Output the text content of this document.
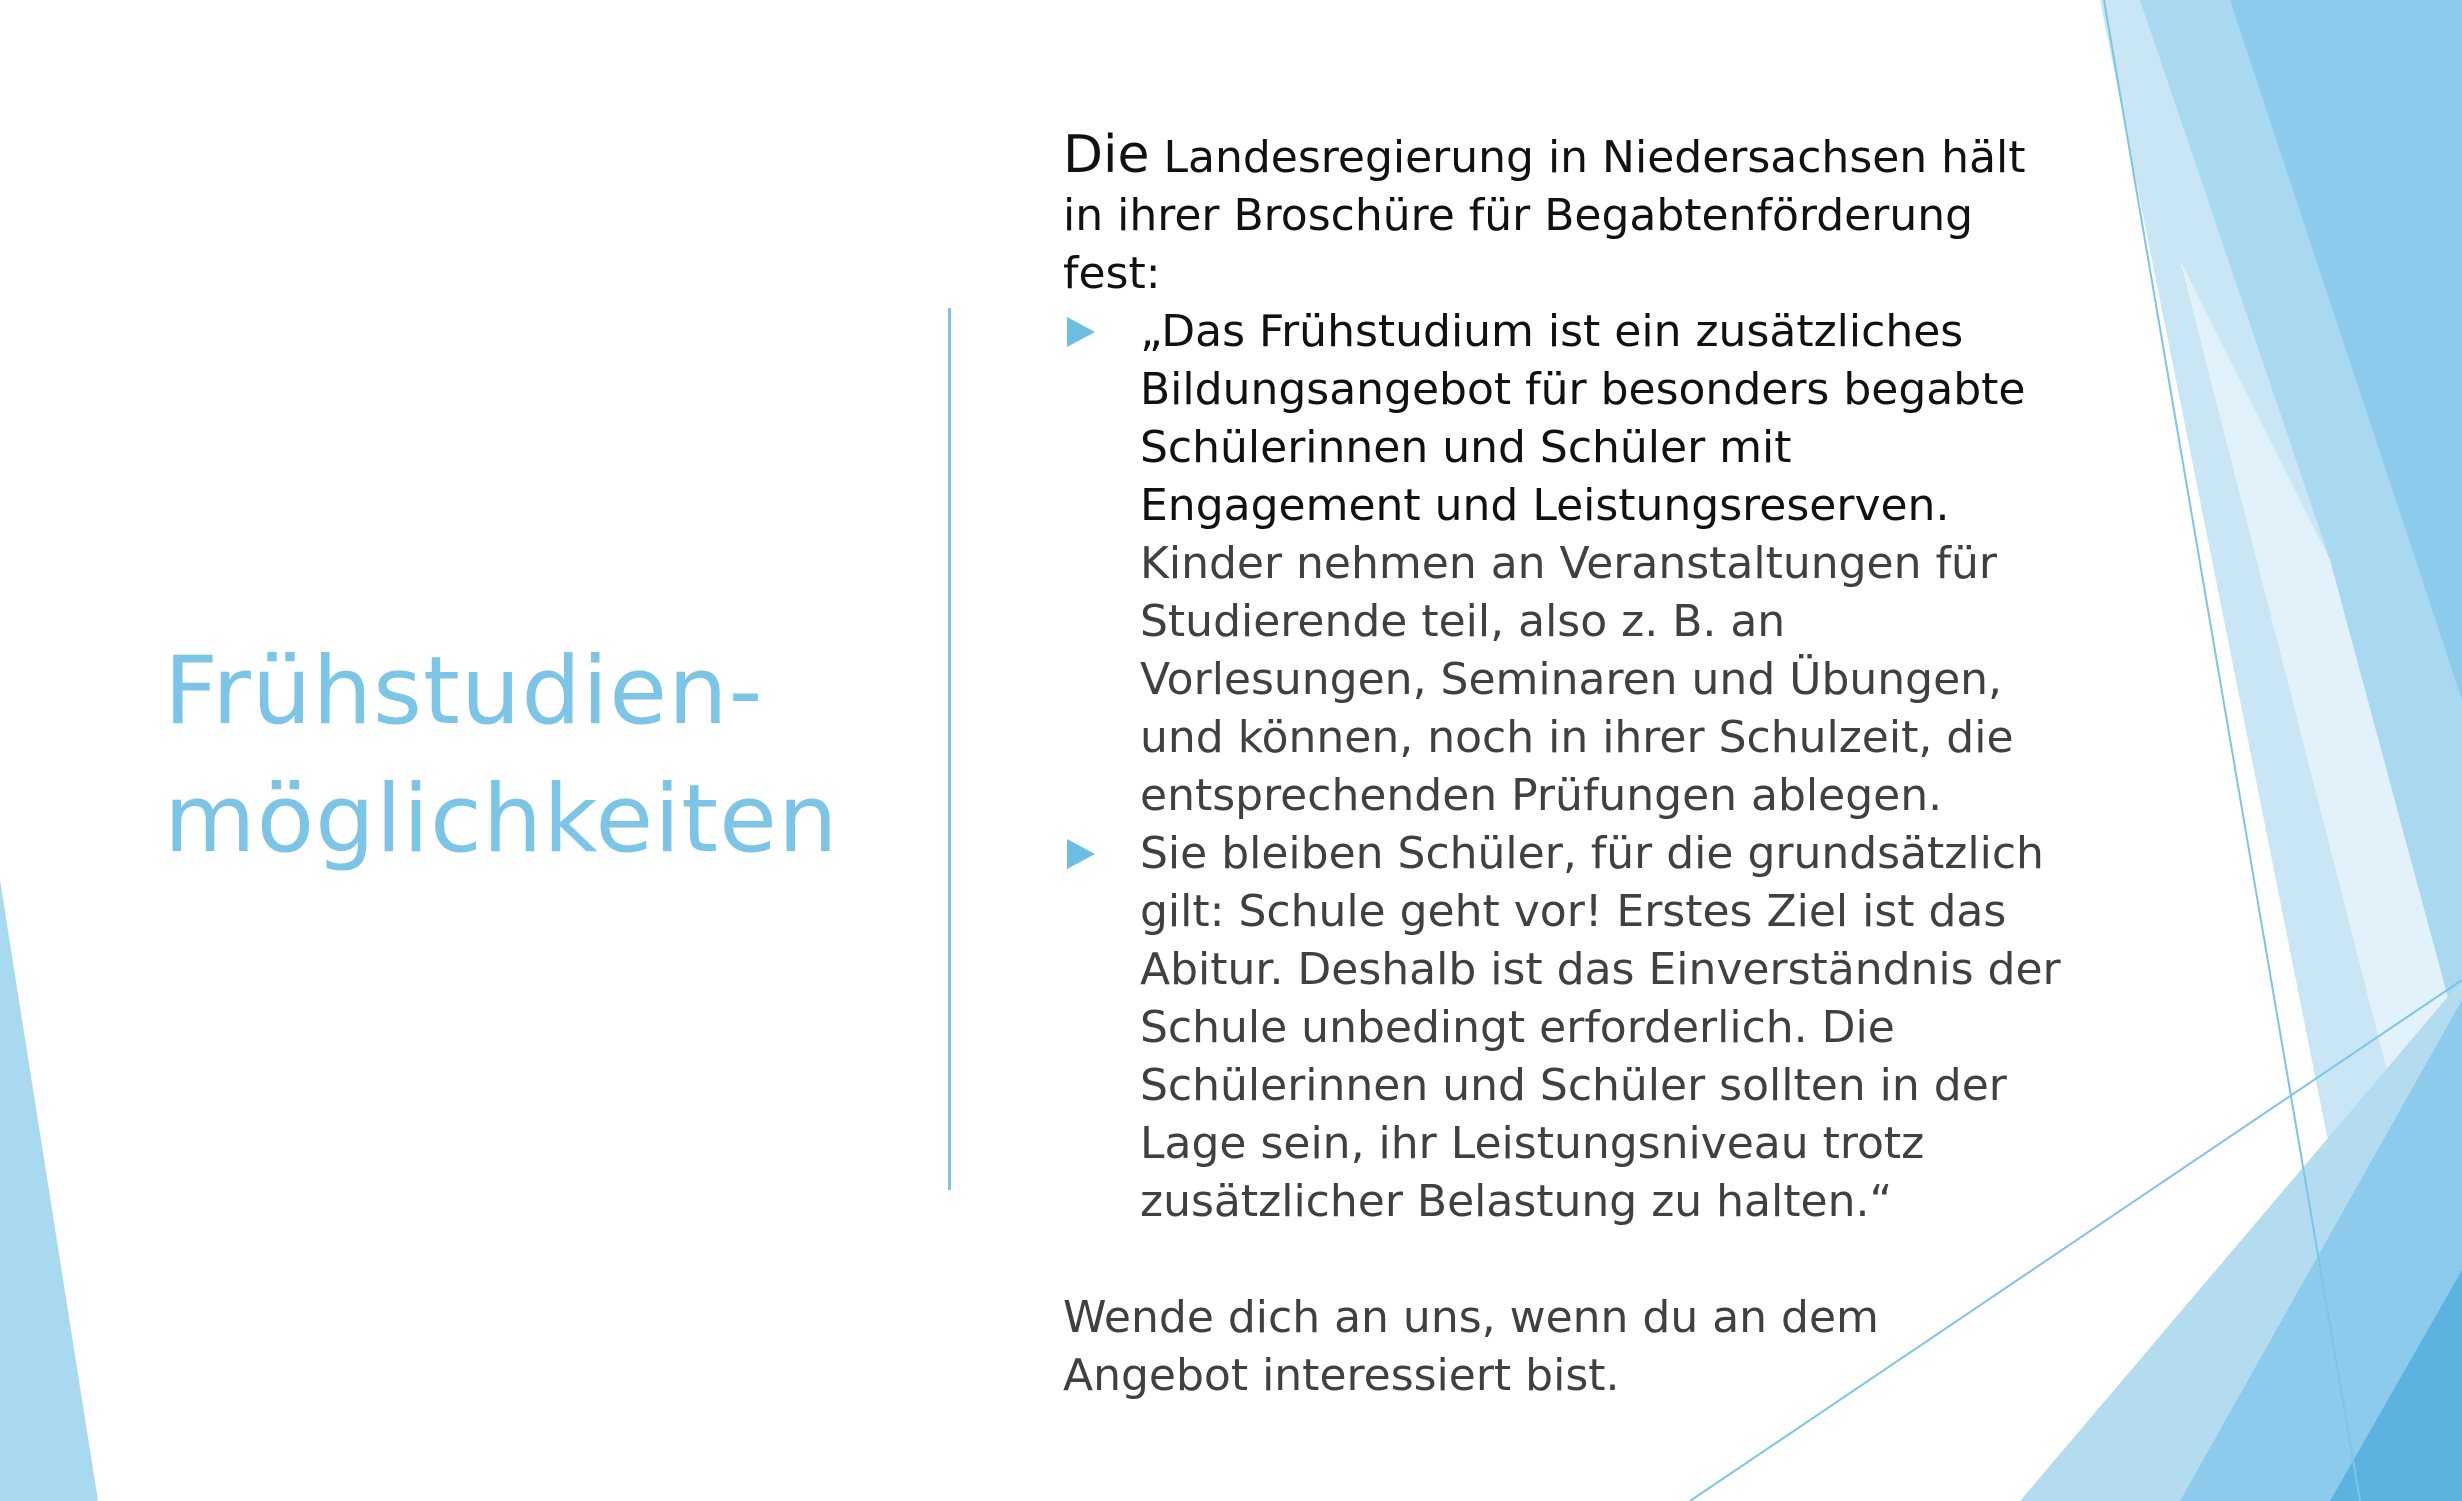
Frühstudien-
möglichkeiten

Die Landesregierung in Niedersachsen hält
in ihrer Broschüre für Begabtenförderung
fest:

„Das Frühstudium ist ein zusätzliches
Bildungsangebot für besonders begabte
Schülerinnen und Schüler mit
Engagement und Leistungsreserven.
Kinder nehmen an Veranstaltungen für
Studierende teil, also z. B. an
Vorlesungen, Seminaren und Übungen,
und können, noch in ihrer Schulzeit, die
entsprechenden Prüfungen ablegen.
Sie bleiben Schüler, für die grundsätzlich
gilt: Schule geht vor! Erstes Ziel ist das
Abitur. Deshalb ist das Einverständnis der
Schule unbedingt erforderlich. Die
Schülerinnen und Schüler sollten in der
Lage sein, ihr Leistungsniveau trotz
zusätzlicher Belastung zu halten.“

Wende dich an uns, wenn du an dem
Angebot interessiert bist.
